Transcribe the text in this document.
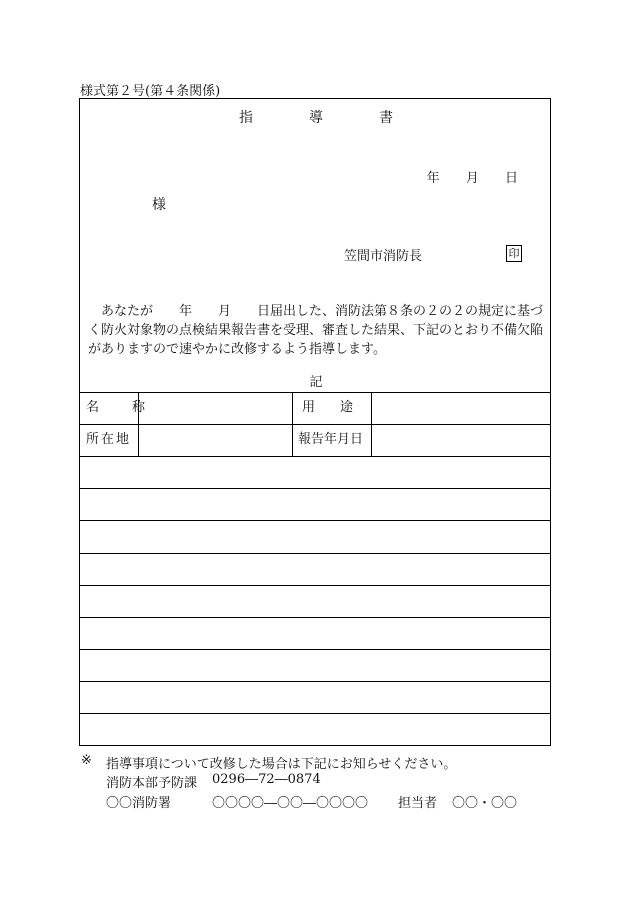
様式第２号(第４条関係)
指導書
年 月 日
様
笠間市消防長	印
あなたが　　年　　月　　日届出した、消防法第８条の２の２の規定に基づく防火対象物の点検結果報告書を受理、審査した結果、下記のとおり不備欠陥がありますので速やかに改修するよう指導します。
記
名　称	用　途
所在地	報告年月日
※ 指導事項について改修した場合は下記にお知らせください。
消防本部予防課 0296―72―0874
〇〇消防署	〇〇〇〇―〇〇―〇〇〇〇 担当者 〇〇・〇〇
